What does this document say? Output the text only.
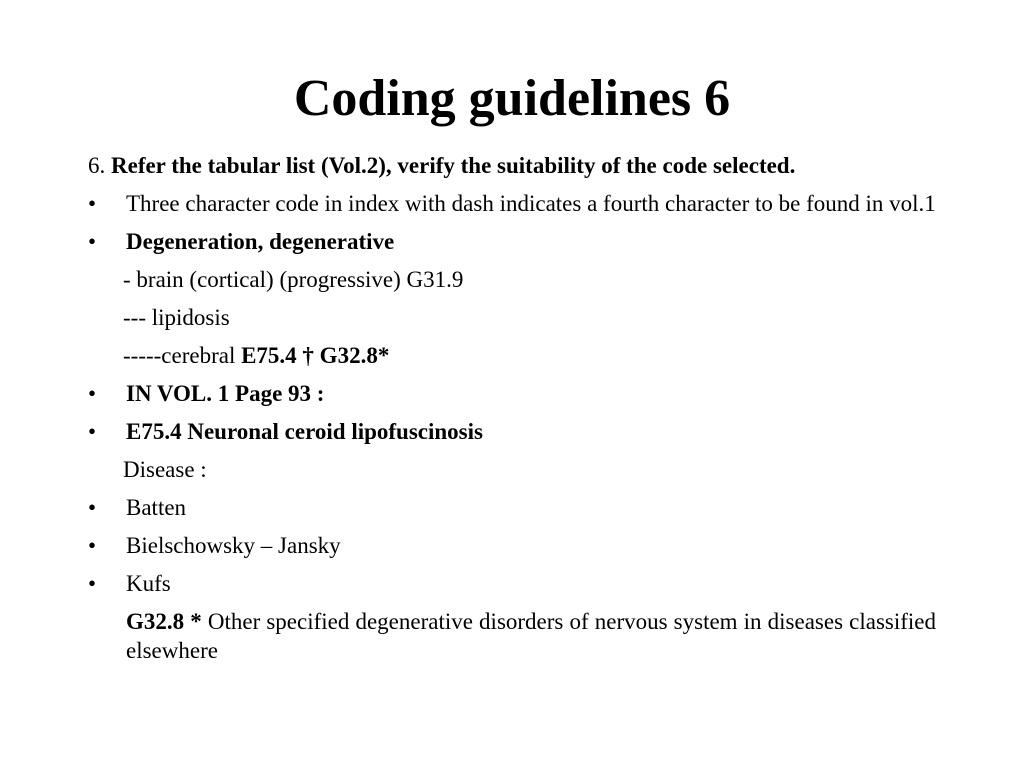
Coding guidelines 6

6. Refer the tabular list (Vol.2), verify the suitability of the code selected.

• Three character code in index with dash indicates a fourth character to be found in vol.1

• Degeneration, degenerative

- brain (cortical) (progressive) G31.9

--- lipidosis

-----cerebral E75.4 † G32.8*

• IN VOL. 1 Page 93 :

• E75.4 Neuronal ceroid lipofuscinosis

Disease :

• Batten

• Bielschowsky – Jansky

• Kufs

G32.8 * Other specified degenerative disorders of nervous system in diseases classified elsewhere
